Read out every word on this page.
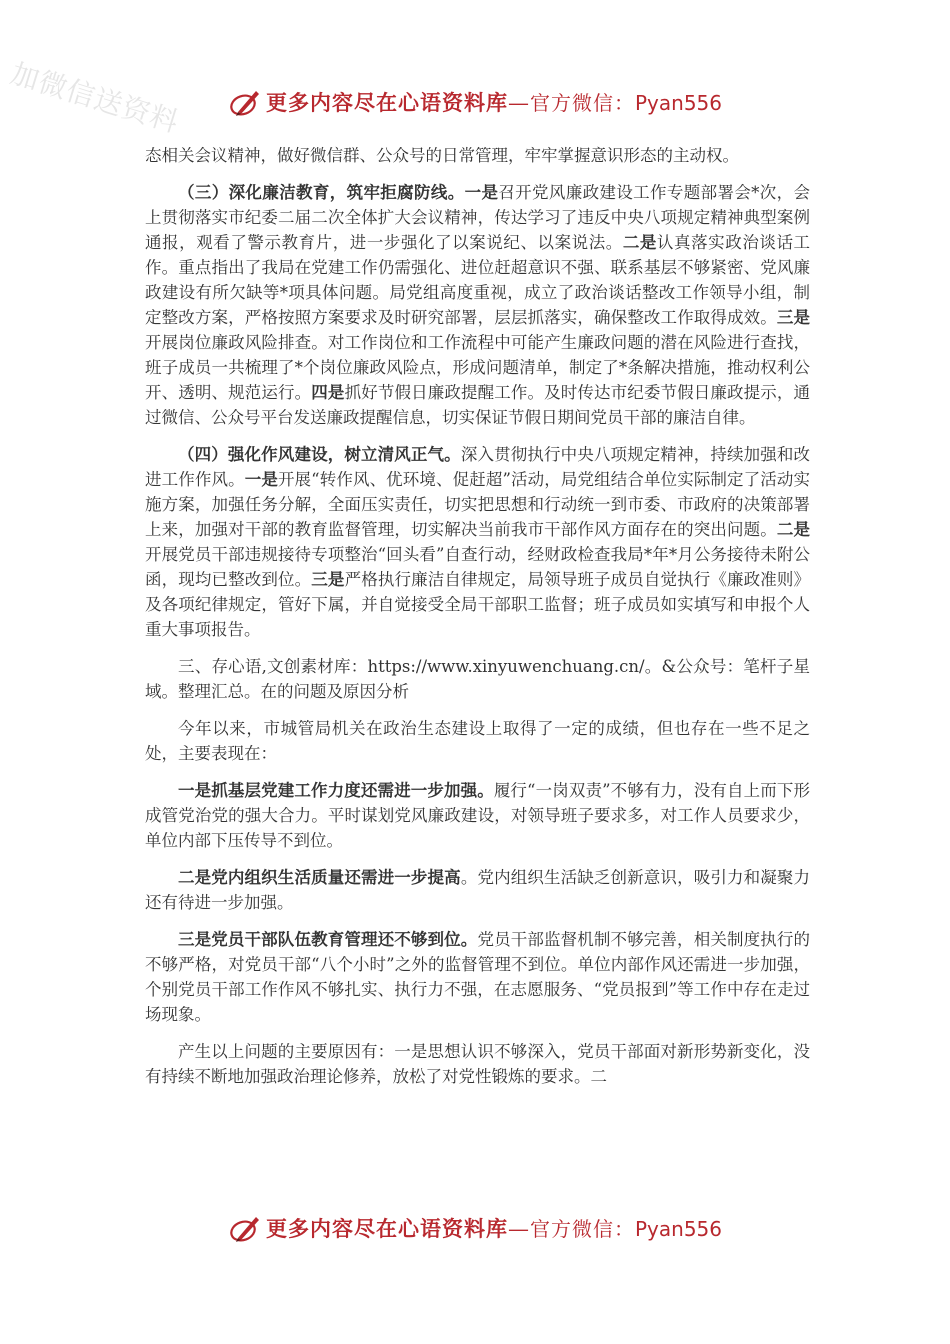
加微信送资料	更多内容尽在心语资料库—官方微信：Pyan556

态相关会议精神，做好微信群、公众号的日常管理，牢牢掌握意识形态的主动权。

（三）深化廉洁教育，筑牢拒腐防线。一是召开党风廉政建设工作专题部署会*次，会上贯彻落实市纪委二届二次全体扩大会议精神，传达学习了违反中央八项规定精神典型案例通报，观看了警示教育片，进一步强化了以案说纪、以案说法。二是认真落实政治谈话工作。重点指出了我局在党建工作仍需强化、进位赶超意识不强、联系基层不够紧密、党风廉政建设有所欠缺等*项具体问题。局党组高度重视，成立了政治谈话整改工作领导小组，制定整改方案，严格按照方案要求及时研究部署，层层抓落实，确保整改工作取得成效。三是开展岗位廉政风险排查。对工作岗位和工作流程中可能产生廉政问题的潜在风险进行查找，班子成员一共梳理了*个岗位廉政风险点，形成问题清单，制定了*条解决措施，推动权利公开、透明、规范运行。四是抓好节假日廉政提醒工作。及时传达市纪委节假日廉政提示，通过微信、公众号平台发送廉政提醒信息，切实保证节假日期间党员干部的廉洁自律。

（四）强化作风建设，树立清风正气。深入贯彻执行中央八项规定精神，持续加强和改进工作作风。一是开展“转作风、优环境、促赶超”活动，局党组结合单位实际制定了活动实施方案，加强任务分解，全面压实责任，切实把思想和行动统一到市委、市政府的决策部署上来，加强对干部的教育监督管理，切实解决当前我市干部作风方面存在的突出问题。二是开展党员干部违规接待专项整治“回头看”自查行动，经财政检查我局*年*月公务接待未附公函，现均已整改到位。三是严格执行廉洁自律规定，局领导班子成员自觉执行《廉政准则》及各项纪律规定，管好下属，并自觉接受全局干部职工监督；班子成员如实填写和申报个人重大事项报告。

三、存心语,文创素材库：https://www.xinyuwenchuang.cn/。&公众号：笔杆子星域。整理汇总。在的问题及原因分析

今年以来，市城管局机关在政治生态建设上取得了一定的成绩，但也存在一些不足之处，主要表现在：

一是抓基层党建工作力度还需进一步加强。履行“一岗双责”不够有力，没有自上而下形成管党治党的强大合力。平时谋划党风廉政建设，对领导班子要求多，对工作人员要求少，单位内部下压传导不到位。

二是党内组织生活质量还需进一步提高。党内组织生活缺乏创新意识，吸引力和凝聚力还有待进一步加强。

三是党员干部队伍教育管理还不够到位。党员干部监督机制不够完善，相关制度执行的不够严格，对党员干部“八个小时”之外的监督管理不到位。单位内部作风还需进一步加强，个别党员干部工作作风不够扎实、执行力不强，在志愿服务、“党员报到”等工作中存在走过场现象。

产生以上问题的主要原因有：一是思想认识不够深入，党员干部面对新形势新变化，没有持续不断地加强政治理论修养，放松了对党性锻炼的要求。二

更多内容尽在心语资料库—官方微信：Pyan556
